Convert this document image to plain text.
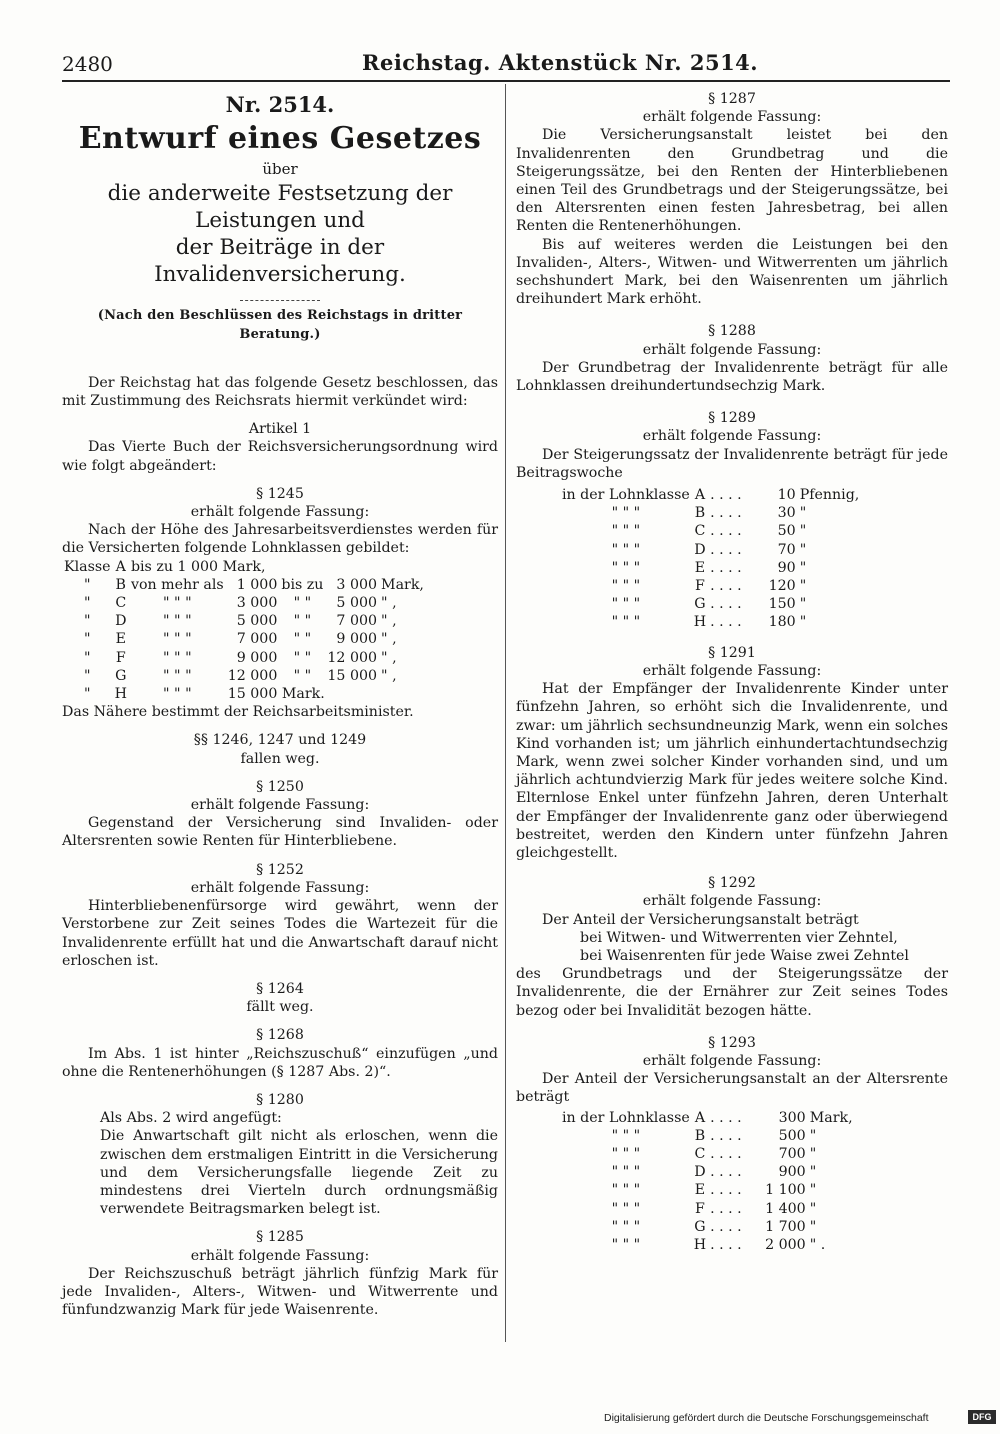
2480	Reichstag. Aktenstück Nr. 2514.
Nr. 2514.
Entwurf eines Gesetzes
über
die anderweite Festsetzung der Leistungen und
der Beiträge in der Invalidenversicherung.
(Nach den Beschlüssen des Reichstags in dritter Beratung.)

Der Reichstag hat das folgende Gesetz beschlossen, das mit Zustimmung des Reichsrats hiermit verkündet wird:

Artikel 1

Das Vierte Buch der Reichsversicherungsordnung wird wie folgt abgeändert:

§ 1245
erhält folgende Fassung:

Nach der Höhe des Jahresarbeitsverdienstes werden für die Versicherten folgende Lohnklassen gebildet:

Klasse	A	bis zu 1 000 Mark,				
"	B	von mehr als	1 000	bis zu	3 000	Mark,
"	C	" " "	3 000	" "	5 000	" ,
"	D	" " "	5 000	" "	7 000	" ,
"	E	" " "	7 000	" "	9 000	" ,
"	F	" " "	9 000	" "	12 000	" ,
"	G	" " "	12 000	" "	15 000	" ,
"	H	" " "	15 000 Mark.			

Das Nähere bestimmt der Reichsarbeitsminister.

§§ 1246, 1247 und 1249
fallen weg.
§ 1250
erhält folgende Fassung:

Gegenstand der Versicherung sind Invaliden- oder Altersrenten sowie Renten für Hinterbliebene.

§ 1252
erhält folgende Fassung:

Hinterbliebenenfürsorge wird gewährt, wenn der Verstorbene zur Zeit seines Todes die Wartezeit für die Invalidenrente erfüllt hat und die Anwartschaft darauf nicht erloschen ist.

§ 1264
fällt weg.
§ 1268

Im Abs. 1 ist hinter „Reichszuschuß“ einzufügen „und ohne die Rentenerhöhungen (§ 1287 Abs. 2)“.

§ 1280

Als Abs. 2 wird angefügt:

Die Anwartschaft gilt nicht als erloschen, wenn die zwischen dem erstmaligen Eintritt in die Versicherung und dem Versicherungsfalle liegende Zeit zu mindestens drei Vierteln durch ordnungsmäßig verwendete Beitragsmarken belegt ist.

§ 1285
erhält folgende Fassung:

Der Reichszuschuß beträgt jährlich fünfzig Mark für jede Invaliden-, Alters-, Witwen- und Witwerrente und fünfundzwanzig Mark für jede Waisenrente.

§ 1287
erhält folgende Fassung:

Die Versicherungsanstalt leistet bei den Invalidenrenten den Grundbetrag und die Steigerungssätze, bei den Renten der Hinterbliebenen einen Teil des Grundbetrags und der Steigerungssätze, bei den Altersrenten einen festen Jahresbetrag, bei allen Renten die Rentenerhöhungen.

Bis auf weiteres werden die Leistungen bei den Invaliden-, Alters-, Witwen- und Witwerrenten um jährlich sechshundert Mark, bei den Waisenrenten um jährlich dreihundert Mark erhöht.

§ 1288
erhält folgende Fassung:

Der Grundbetrag der Invalidenrente beträgt für alle Lohnklassen dreihundertundsechzig Mark.

§ 1289
erhält folgende Fassung:

Der Steigerungssatz der Invalidenrente beträgt für jede Beitragswoche

in der Lohnklasse	A	. . . .	10	Pfennig,
" " "	B	. . . .	30	"
" " "	C	. . . .	50	"
" " "	D	. . . .	70	"
" " "	E	. . . .	90	"
" " "	F	. . . .	120	"
" " "	G	. . . .	150	"
" " "	H	. . . .	180	"
§ 1291
erhält folgende Fassung:

Hat der Empfänger der Invalidenrente Kinder unter fünfzehn Jahren, so erhöht sich die Invalidenrente, und zwar: um jährlich sechsundneunzig Mark, wenn ein solches Kind vorhanden ist; um jährlich einhundertachtundsechzig Mark, wenn zwei solcher Kinder vorhanden sind, und um jährlich achtundvierzig Mark für jedes weitere solche Kind. Elternlose Enkel unter fünfzehn Jahren, deren Unterhalt der Empfänger der Invalidenrente ganz oder überwiegend bestreitet, werden den Kindern unter fünfzehn Jahren gleichgestellt.

§ 1292
erhält folgende Fassung:

Der Anteil der Versicherungsanstalt beträgt

bei Witwen- und Witwerrenten vier Zehntel,

bei Waisenrenten für jede Waise zwei Zehntel

des Grundbetrags und der Steigerungssätze der Invalidenrente, die der Ernährer zur Zeit seines Todes bezog oder bei Invalidität bezogen hätte.

§ 1293
erhält folgende Fassung:

Der Anteil der Versicherungsanstalt an der Altersrente beträgt

in der Lohnklasse	A	. . . .	300	Mark,
" " "	B	. . . .	500	"
" " "	C	. . . .	700	"
" " "	D	. . . .	900	"
" " "	E	. . . .	1 100	"
" " "	F	. . . .	1 400	"
" " "	G	. . . .	1 700	"
" " "	H	. . . .	2 000	" .
Digitalisierung gefördert durch die Deutsche Forschungsgemeinschaft	DFG
